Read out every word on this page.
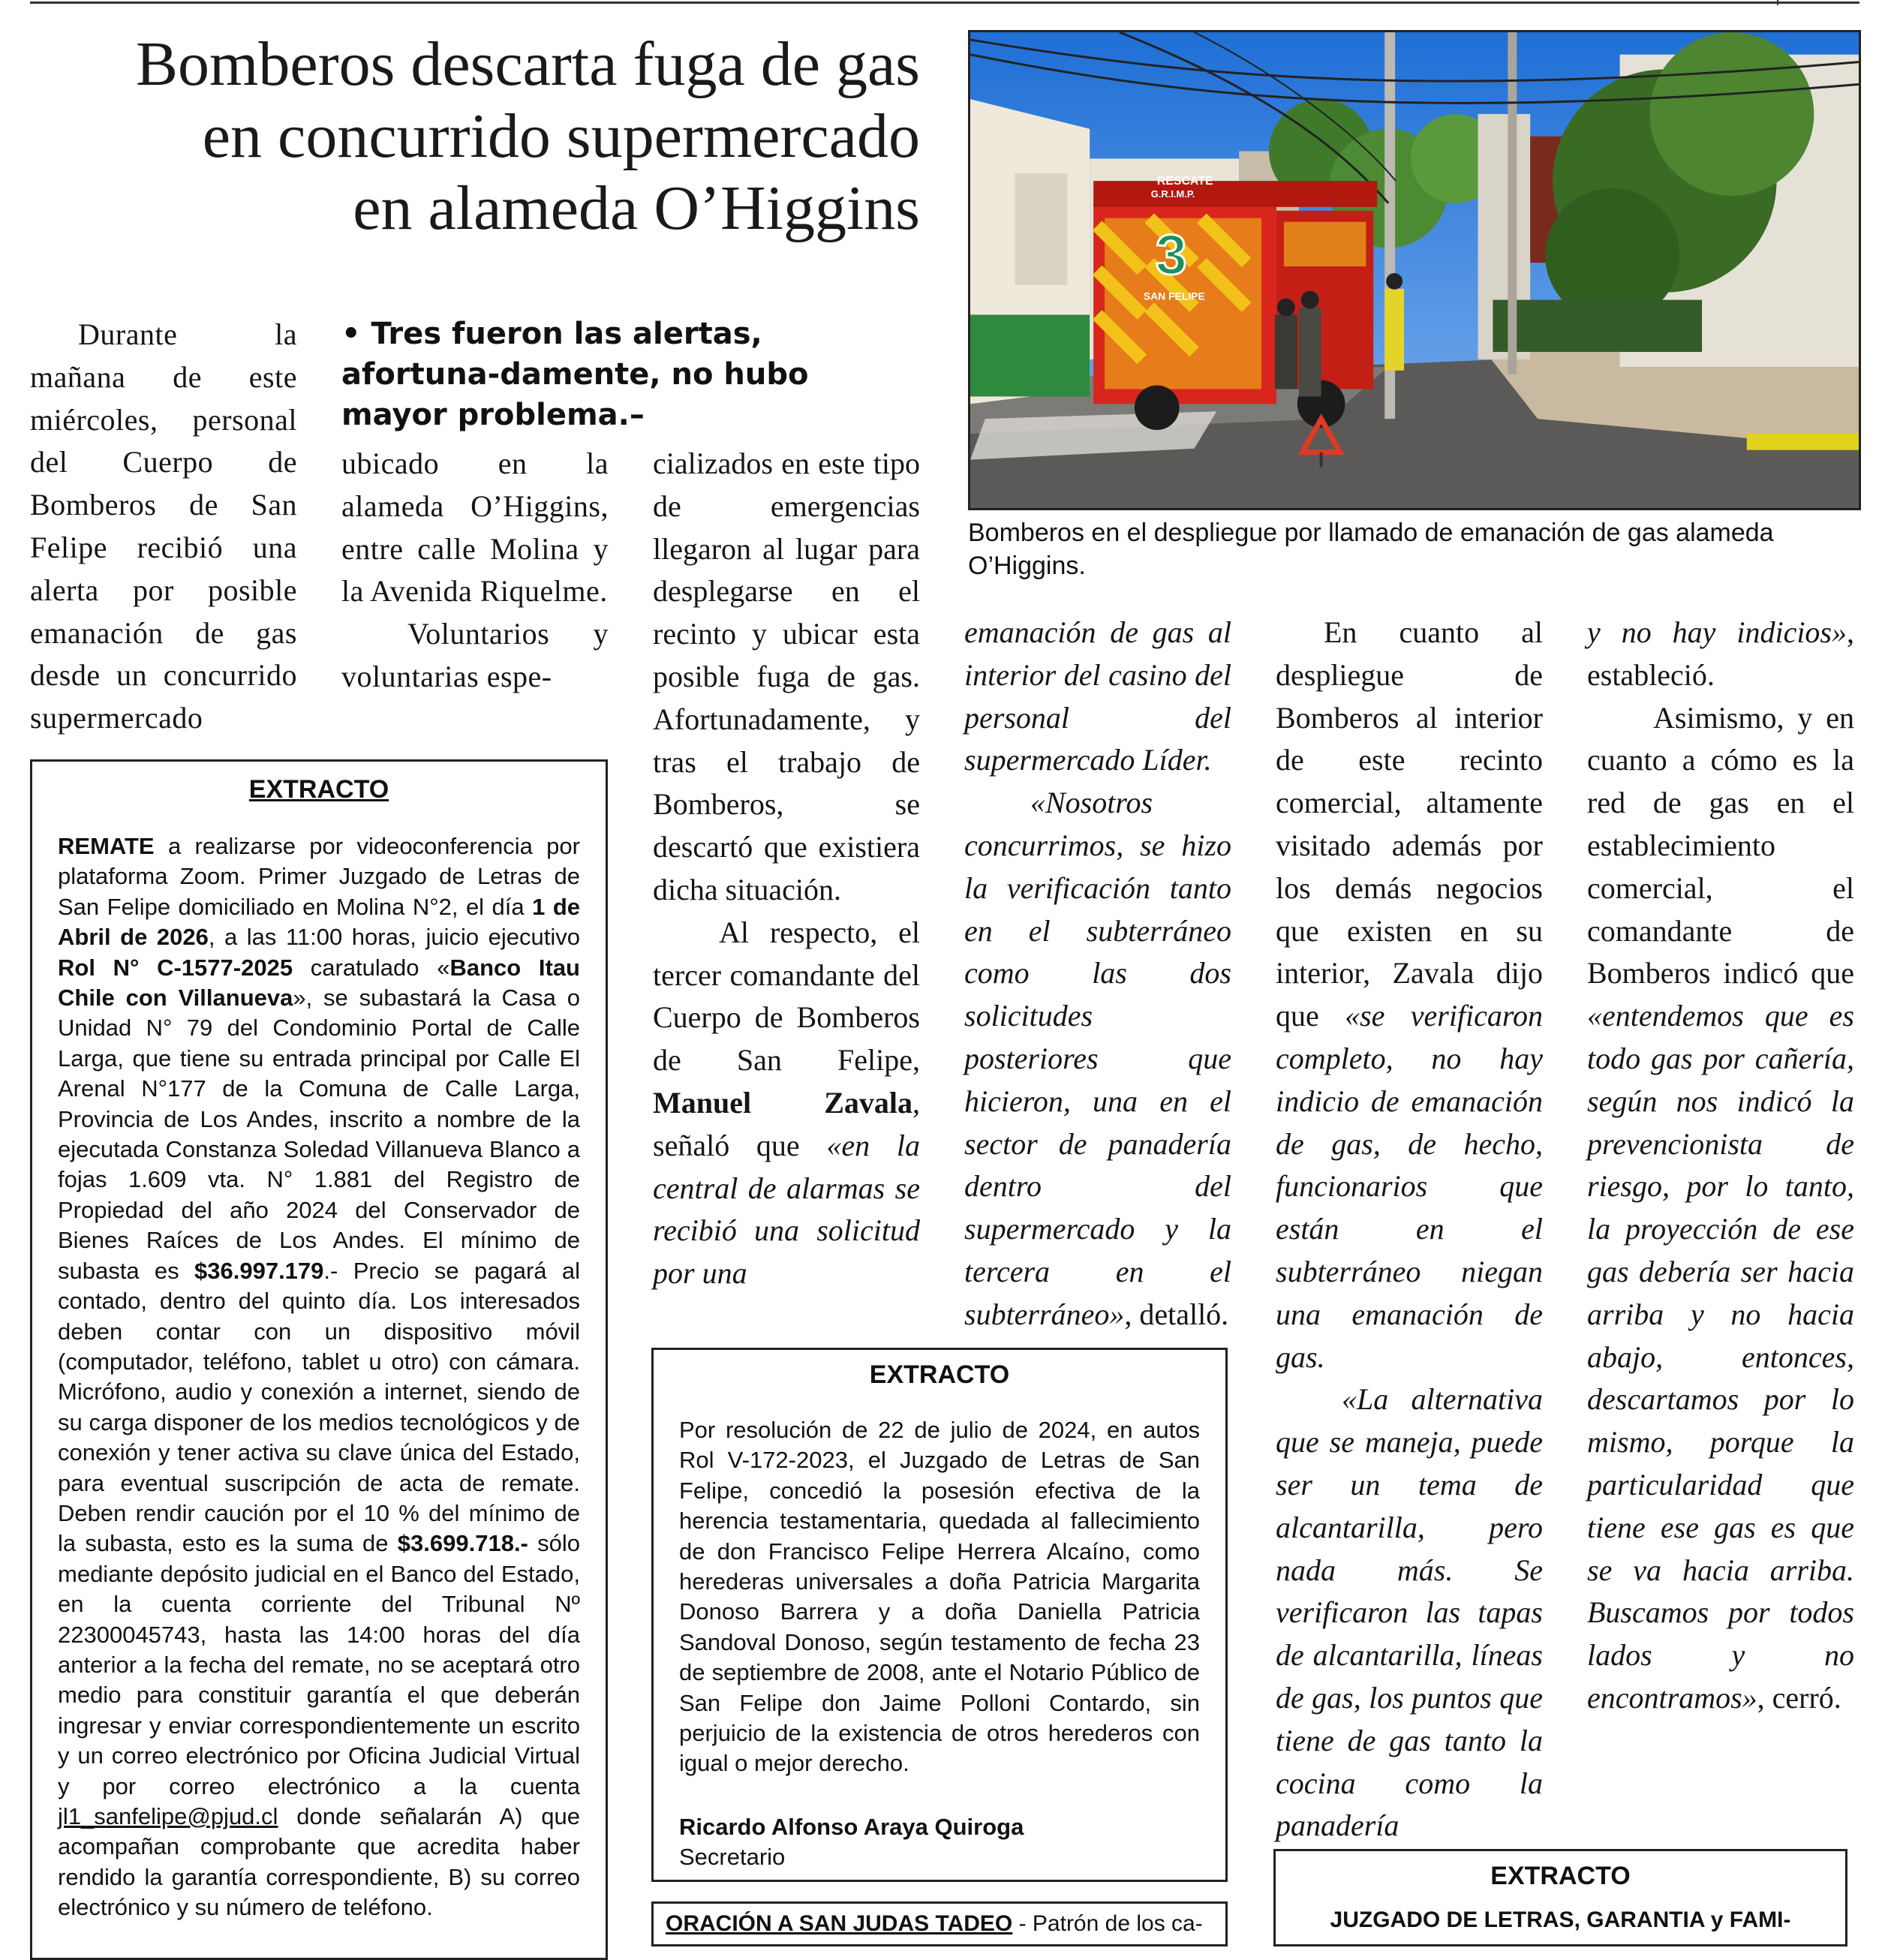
Bomberos descarta fuga de gas
en concurrido supermercado
en alameda O’Higgins	RESCATE
G.R.I.M.P.
3
SAN FELIPE
Bomberos en el despliegue por llamado de emanación de gas alameda O’Higgins.
• Tres fueron las alertas, afortuna-damente, no hubo mayor problema.–

Durante la mañana de este miércoles, personal del Cuerpo de Bomberos de San Felipe recibió una alerta por posible emanación de gas desde un concurrido supermercado

ubicado en la alameda O’Higgins, entre calle Molina y la Avenida Riquelme.

Voluntarios y voluntarias espe-

cializados en este tipo de emergencias llegaron al lugar para desplegarse en el recinto y ubicar esta posible fuga de gas. Afortunadamente, y tras el trabajo de Bomberos, se descartó que existiera dicha situación.

Al respecto, el tercer comandante del Cuerpo de Bomberos de San Felipe, Manuel Zavala, señaló que «en la central de alarmas se recibió una solicitud por una

emanación de gas al interior del casino del personal del supermercado Líder.

«Nosotros concurrimos, se hizo la verificación tanto en el subterráneo como las dos solicitudes posteriores que hicieron, una en el sector de panadería dentro del supermercado y la tercera en el subterráneo», detalló.

En cuanto al despliegue de Bomberos al interior de este recinto comercial, altamente visitado además por los demás negocios que existen en su interior, Zavala dijo que «se verificaron completo, no hay indicio de emanación de gas, de hecho, funcionarios que están en el subterráneo niegan una emanación de gas.

«La alternativa que se maneja, puede ser un tema de alcantarilla, pero nada más. Se verificaron las tapas de alcantarilla, líneas de gas, los puntos que tiene de gas tanto la cocina como la panadería

y no hay indicios», estableció.

Asimismo, y en cuanto a cómo es la red de gas en el establecimiento comercial, el comandante de Bomberos indicó que «entendemos que es todo gas por cañería, según nos indicó la prevencionista de riesgo, por lo tanto, la proyección de ese gas debería ser hacia arriba y no hacia abajo, entonces, descartamos por lo mismo, porque la particularidad que tiene ese gas es que se va hacia arriba. Buscamos por todos lados y no encontramos», cerró.

EXTRACTO
REMATE a realizarse por videoconferencia por plataforma Zoom. Primer Juzgado de Letras de San Felipe domiciliado en Molina N°2, el día 1 de Abril de 2026, a las 11:00 horas, juicio ejecutivo Rol N° C-1577-2025 caratulado «Banco Itau Chile con Villanueva», se subastará la Casa o Unidad N° 79 del Condominio Portal de Calle Larga, que tiene su entrada principal por Calle El Arenal N°177 de la Comuna de Calle Larga, Provincia de Los Andes, inscrito a nombre de la ejecutada Constanza Soledad Villanueva Blanco a fojas 1.609 vta. N° 1.881 del Registro de Propiedad del año 2024 del Conservador de Bienes Raíces de Los Andes. El mínimo de subasta es $36.997.179.- Precio se pagará al contado, dentro del quinto día. Los interesados deben contar con un dispositivo móvil (computador, teléfono, tablet u otro) con cámara. Micrófono, audio y conexión a internet, siendo de su carga disponer de los medios tecnológicos y de conexión y tener activa su clave única del Estado, para eventual suscripción de acta de remate. Deben rendir caución por el 10 % del mínimo de la subasta, esto es la suma de $3.699.718.- sólo mediante depósito judicial en el Banco del Estado, en la cuenta corriente del Tribunal Nº 22300045743, hasta las 14:00 horas del día anterior a la fecha del remate, no se aceptará otro medio para constituir garantía el que deberán ingresar y enviar correspondientemente un escrito y un correo electrónico por Oficina Judicial Virtual y por correo electrónico a la cuenta jl1_sanfelipe@pjud.cl donde señalarán A) que acompañan comprobante que acredita haber rendido la garantía correspondiente, B) su correo electrónico y su número de teléfono.
EXTRACTO
Por resolución de 22 de julio de 2024, en autos Rol V-172-2023, el Juzgado de Letras de San Felipe, concedió la posesión efectiva de la herencia testamentaria, quedada al fallecimiento de don Francisco Felipe Herrera Alcaíno, como herederas universales a doña Patricia Margarita Donoso Barrera y a doña Daniella Patricia Sandoval Donoso, según testamento de fecha 23 de septiembre de 2008, ante el Notario Público de San Felipe don Jaime Polloni Contardo, sin perjuicio de la existencia de otros herederos con igual o mejor derecho.
Ricardo Alfonso Araya Quiroga
Secretario
ORACIÓN A SAN JUDAS TADEO - Patrón de los ca-
EXTRACTO
JUZGADO DE LETRAS, GARANTIA y FAMI-
